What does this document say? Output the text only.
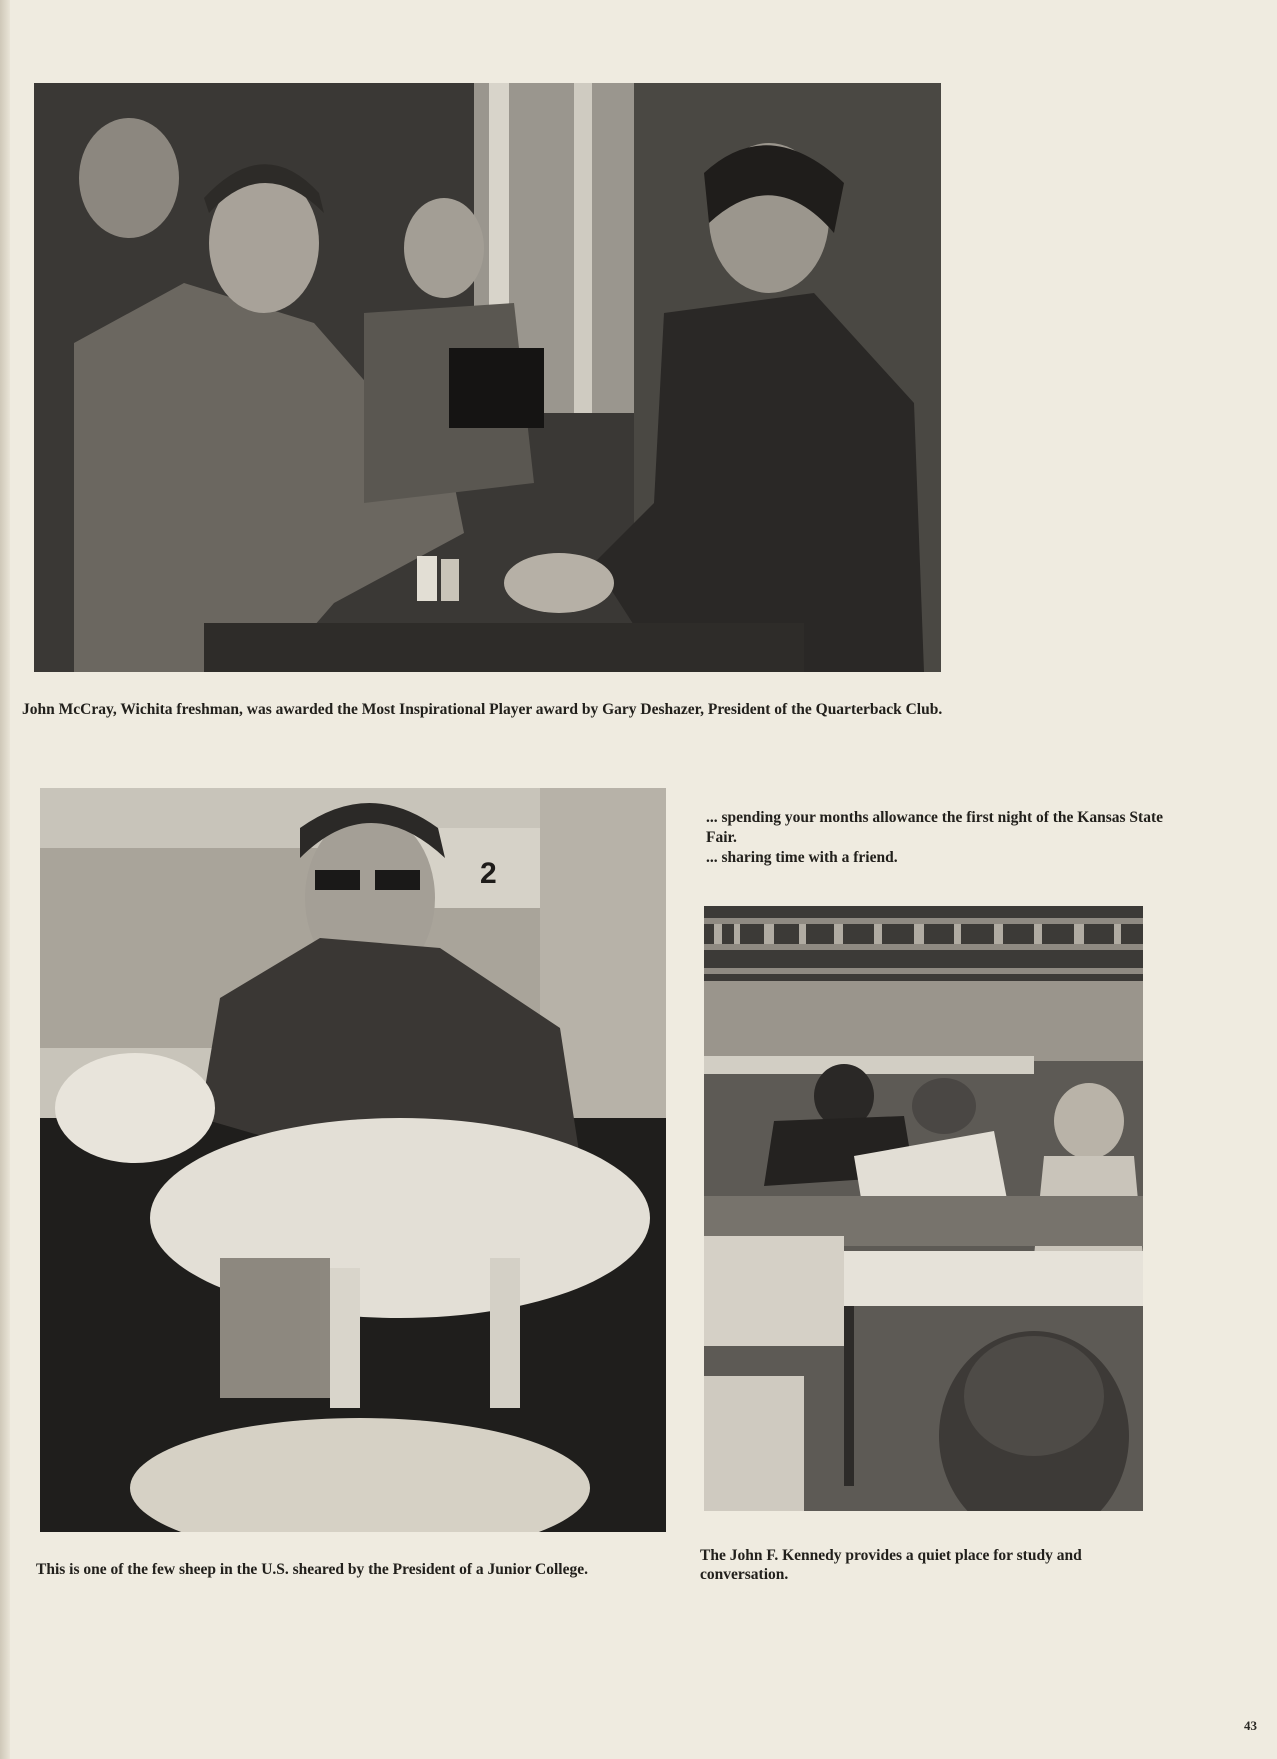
John McCray, Wichita freshman, was awarded the Most Inspirational Player award by Gary Deshazer, President of the Quarterback Club.
2
... spending your months allowance the first night of the Kansas State Fair.
... sharing time with a friend.
This is one of the few sheep in the U.S. sheared by the President of a Junior College.
The John F. Kennedy provides a quiet place for study and conversation.
43
